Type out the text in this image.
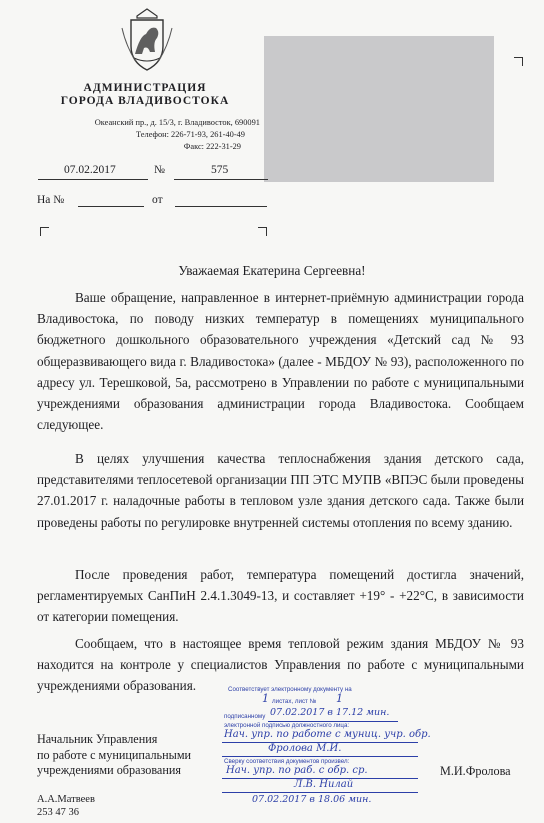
АДМИНИСТРАЦИЯ
ГОРОДА ВЛАДИВОСТОКА
Океанский пр., д. 15/3, г. Владивосток, 690091
Телефон: 226-71-93, 261-40-49
Факс: 222-31-29
07.02.2017	№	575
На №	от
Уважаемая Екатерина Сергеевна!
Ваше обращение, направленное в интернет-приёмную администрации города Владивостока, по поводу низких температур в помещениях муниципального бюджетного дошкольного образовательного учреждения «Детский сад № 93 общеразвивающего вида г. Владивостока» (далее - МБДОУ № 93), расположенного по адресу ул. Терешковой, 5а, рассмотрено в Управлении по работе с муниципальными учреждениями образования администрации города Владивостока. Сообщаем следующее.
В целях улучшения качества теплоснабжения здания детского сада, представителями теплосетевой организации ПП ЭТС МУПВ «ВПЭС были проведены 27.01.2017 г. наладочные работы в тепловом узле здания детского сада. Также были проведены работы по регулировке внутренней системы отопления по всему зданию.
После проведения работ, температура помещений достигла значений, регламентируемых СанПиН 2.4.1.3049-13, и составляет +19° - +22°С, в зависимости от категории помещения.
Сообщаем, что в настоящее время тепловой режим здания МБДОУ № 93 находится на контроле у специалистов Управления по работе с муниципальными учреждениями образования.
Начальник Управления
по работе с муниципальными
учреждениями образования	М.И.Фролова
А.А.Матвеев
253 47 36
Соответствует электронному документу на
1 листах, лист № 1
подписанному 07.02.2017 в 17.12 мин.
электронной подписью должностного лица:
Нач. упр. по работе с муниц. учр. обр.
Фролова М.И.
Сверку соответствия документов произвел:
Нач. упр. по раб. с обр. ср.
Л.В. Нилай
07.02.2017 в 18.06 мин.
